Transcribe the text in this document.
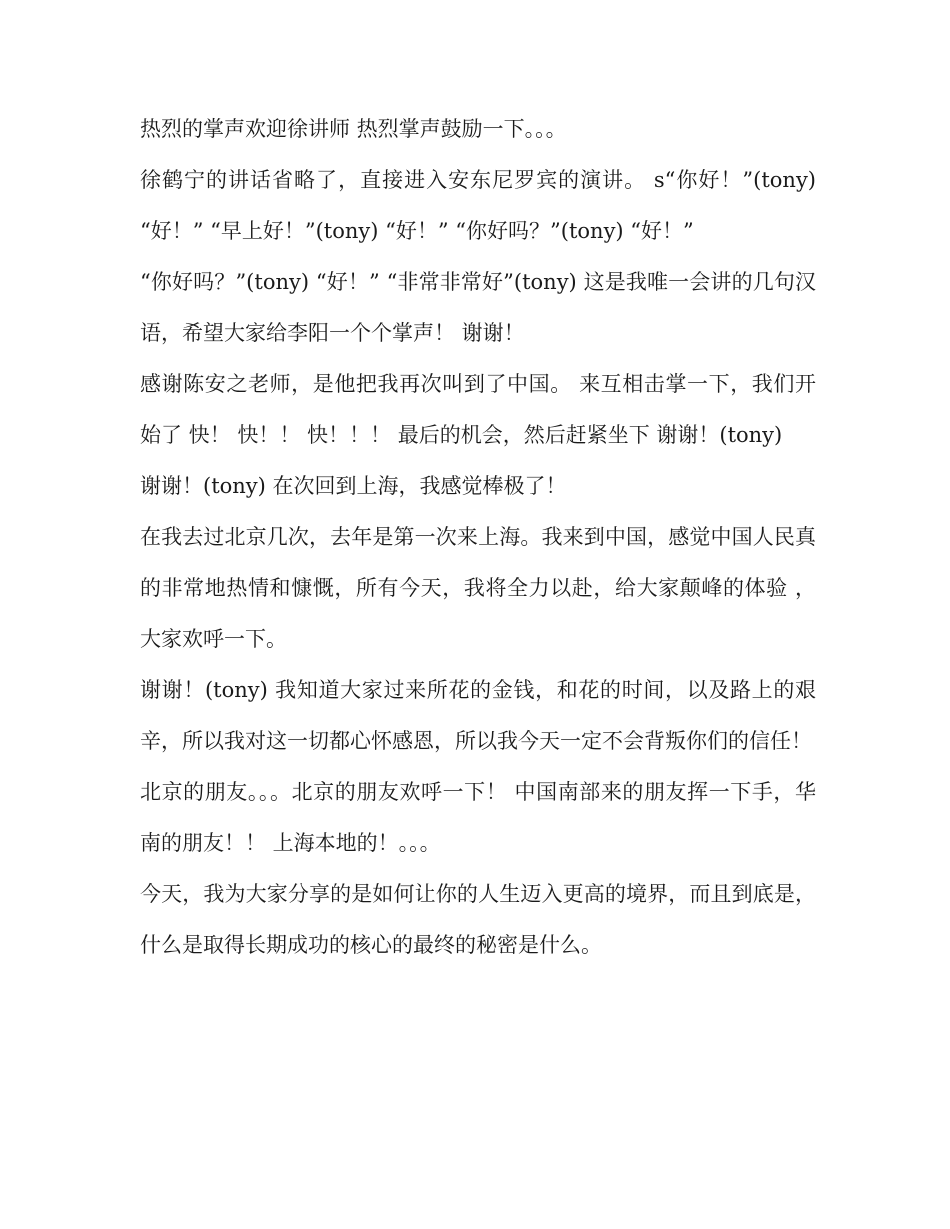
热烈的掌声欢迎徐讲师 热烈掌声鼓励一下。。。

徐鹤宁的讲话省略了，直接进入安东尼罗宾的演讲。 s“你好！”(tony) “好！” “早上好！”(tony) “好！” “你好吗？”(tony) “好！”

“你好吗？”(tony) “好！” “非常非常好”(tony) 这是我唯一会讲的几句汉语，希望大家给李阳一个个掌声！ 谢谢！

感谢陈安之老师，是他把我再次叫到了中国。 来互相击掌一下，我们开始了 快！ 快！！ 快！！！ 最后的机会，然后赶紧坐下 谢谢！(tony)

谢谢！(tony) 在次回到上海，我感觉棒极了！

在我去过北京几次，去年是第一次来上海。我来到中国，感觉中国人民真的非常地热情和慷慨，所有今天，我将全力以赴，给大家颠峰的体验 ，大家欢呼一下。

谢谢！(tony) 我知道大家过来所花的金钱，和花的时间，以及路上的艰辛，所以我对这一切都心怀感恩，所以我今天一定不会背叛你们的信任！

北京的朋友。。。北京的朋友欢呼一下！ 中国南部来的朋友挥一下手，华南的朋友！！ 上海本地的！。。。

今天，我为大家分享的是如何让你的人生迈入更高的境界，而且到底是，什么是取得长期成功的核心的最终的秘密是什么。
